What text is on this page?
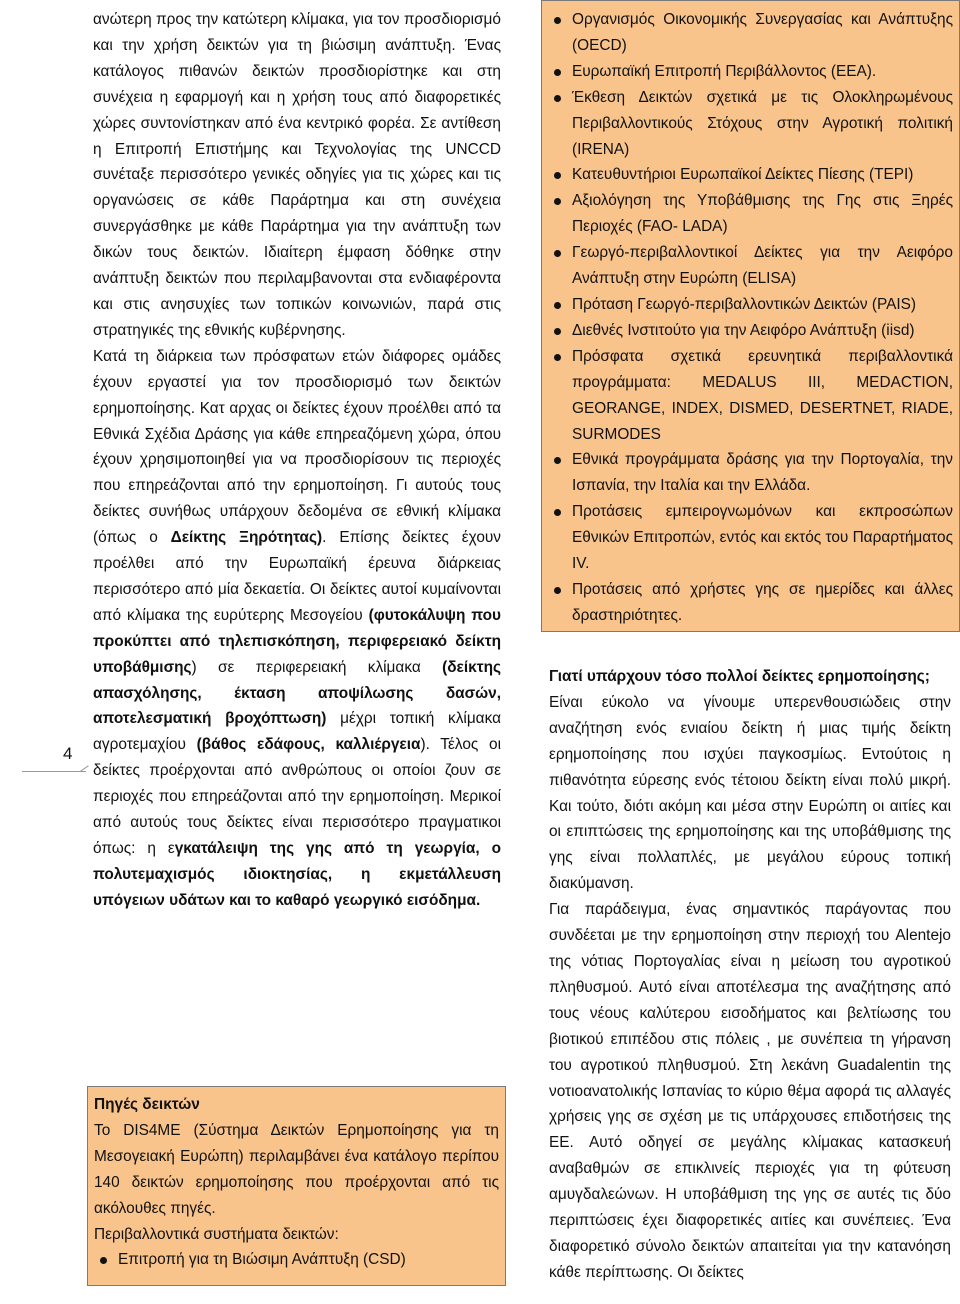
ανώτερη προς την κατώτερη κλίμακα, για τον προσδιορισμό και την χρήση δεικτών για τη βιώσιμη ανάπτυξη. Ένας κατάλογος πιθανών δεικτών προσδιορίστηκε και στη συνέχεια η εφαρμογή και η χρήση τους από διαφορετικές χώρες συντονίστηκαν από ένα κεντρικό φορέα. Σε αντίθεση η Επιτροπή Επιστήμης και Τεχνολογίας της UNCCD συνέταξε περισσότερο γενικές οδηγίες για τις χώρες και τις οργανώσεις σε κάθε Παράρτημα και στη συνέχεια συνεργάσθηκε με κάθε Παράρτημα για την ανάπτυξη των δικών τους δεικτών. Ιδιαίτερη έμφαση δόθηκε στην ανάπτυξη δεικτών που περιλαμβανονται στα ενδιαφέροντα και στις ανησυχίες των τοπικών κοινωνιών, παρά στις στρατηγικές της εθνικής κυβέρνησης.

Κατά τη διάρκεια των πρόσφατων ετών διάφορες ομάδες έχουν εργαστεί για τον προσδιορισμό των δεικτών ερημοποίησης. Κατ αρχας οι δείκτες έχουν προέλθει από τα Εθνικά Σχέδια Δράσης για κάθε επηρεαζόμενη χώρα, όπου έχουν χρησιμοποιηθεί για να προσδιορίσουν τις περιοχές που επηρεάζονται από την ερημοποίηση. Γι αυτούς τους δείκτες συνήθως υπάρχουν δεδομένα σε εθνική κλίμακα (όπως ο Δείκτης Ξηρότητας). Επίσης δείκτες έχουν προέλθει από την Ευρωπαϊκή έρευνα διάρκειας περισσότερο από μία δεκαετία. Οι δείκτες αυτοί κυμαίνονται από κλίμακα της ευρύτερης Μεσογείου (φυτοκάλυψη που προκύπτει από τηλεπισκόπηση, περιφερειακό δείκτη υποβάθμισης) σε περιφερειακή κλίμακα (δείκτης απασχόλησης, έκταση αποψίλωσης δασών, αποτελεσματική βροχόπτωση) μέχρι τοπική κλίμακα αγροτεμαχίου (βάθος εδάφους, καλλιέργεια). Τέλος οι δείκτες προέρχονται από ανθρώπους οι οποίοι ζουν σε περιοχές που επηρεάζονται από την ερημοποίηση. Μερικοί από αυτούς τους δείκτες είναι περισσότερο πραγματικοι όπως: η εγκατάλειψη της γης από τη γεωργία, ο πολυτεμαχισμός ιδιοκτησίας, η εκμετάλλευση υπόγειων υδάτων και το καθαρό γεωργικό εισόδημα.

4
Πηγές δεικτών
Το DIS4ME (Σύστημα Δεικτών Ερημοποίησης για τη Μεσογειακή Ευρώπη) περιλαμβάνει ένα κατάλογο περίπου 140 δεικτών ερημοποίησης που προέρχονται από τις ακόλουθες πηγές.
Περιβαλλοντικά συστήματα δεικτών:
Επιτροπή για τη Βιώσιμη Ανάπτυξη (CSD)
Οργανισμός Οικονομικής Συνεργασίας και Ανάπτυξης (OECD)
Ευρωπαϊκή Επιτροπή Περιβάλλοντος (ΕΕΑ).
Έκθεση Δεικτών σχετικά με τις Ολοκληρωμένους Περιβαλλοντικούς Στόχους στην Αγροτική πολιτική (IRENA)
Κατευθυντήριοι Ευρωπαϊκοί Δείκτες Πίεσης (TEPI)
Αξιολόγηση της Υποβάθμισης της Γης στις Ξηρές Περιοχές (FAO- LADA)
Γεωργό-περιβαλλοντικοί Δείκτες για την Αειφόρο Ανάπτυξη στην Ευρώπη (ELISA)
Πρόταση Γεωργό-περιβαλλοντικών Δεικτών (PAIS)
Διεθνές Ινστιτούτο για την Αειφόρο Ανάπτυξη (iisd)
Πρόσφατα σχετικά ερευνητικά περιβαλλοντικά προγράμματα: MEDALUS III, MEDACTION, GEORANGE, INDEX, DISMED, DESERTNET, RIADE, SURMODES
Εθνικά προγράμματα δράσης για την Πορτογαλία, την Ισπανία, την Ιταλία και την Ελλάδα.
Προτάσεις εμπειρογνωμόνων και εκπροσώπων Εθνικών Επιτροπών, εντός και εκτός του Παραρτήματος IV.
Προτάσεις από χρήστες γης σε ημερίδες και άλλες δραστηριότητες.

Γιατί υπάρχουν τόσο πολλοί δείκτες ερημοποίησης;

Είναι εύκολο να γίνουμε υπερενθουσιώδεις στην αναζήτηση ενός ενιαίου δείκτη ή μιας τιμής δείκτη ερημοποίησης που ισχύει παγκοσμίως. Εντούτοις η πιθανότητα εύρεσης ενός τέτοιου δείκτη είναι πολύ μικρή. Και τούτο, διότι ακόμη και μέσα στην Ευρώπη οι αιτίες και οι επιπτώσεις της ερημοποίησης και της υποβάθμισης της γης είναι πολλαπλές, με μεγάλου εύρους τοπική διακύμανση.

Για παράδειγμα, ένας σημαντικός παράγοντας που συνδέεται με την ερημοποίηση στην περιοχή του Alentejo της νότιας Πορτογαλίας είναι η μείωση του αγροτικού πληθυσμού. Αυτό είναι αποτέλεσμα της αναζήτησης από τους νέους καλύτερου εισοδήματος και βελτίωσης του βιοτικού επιπέδου στις πόλεις , με συνέπεια τη γήρανση του αγροτικού πληθυσμού. Στη λεκάνη Guadalentin της νοτιοανατολικής Ισπανίας το κύριο θέμα αφορά τις αλλαγές χρήσεις γης σε σχέση με τις υπάρχουσες επιδοτήσεις της ΕΕ. Αυτό οδηγεί σε μεγάλης κλίμακας κατασκευή αναβαθμών σε επικλινείς περιοχές για τη φύτευση αμυγδαλεώνων. Η υποβάθμιση της γης σε αυτές τις δύο περιπτώσεις έχει διαφορετικές αιτίες και συνέπειες. Ένα διαφορετικό σύνολο δεικτών απαιτείται για την κατανόηση κάθε περίπτωσης. Οι δείκτες
